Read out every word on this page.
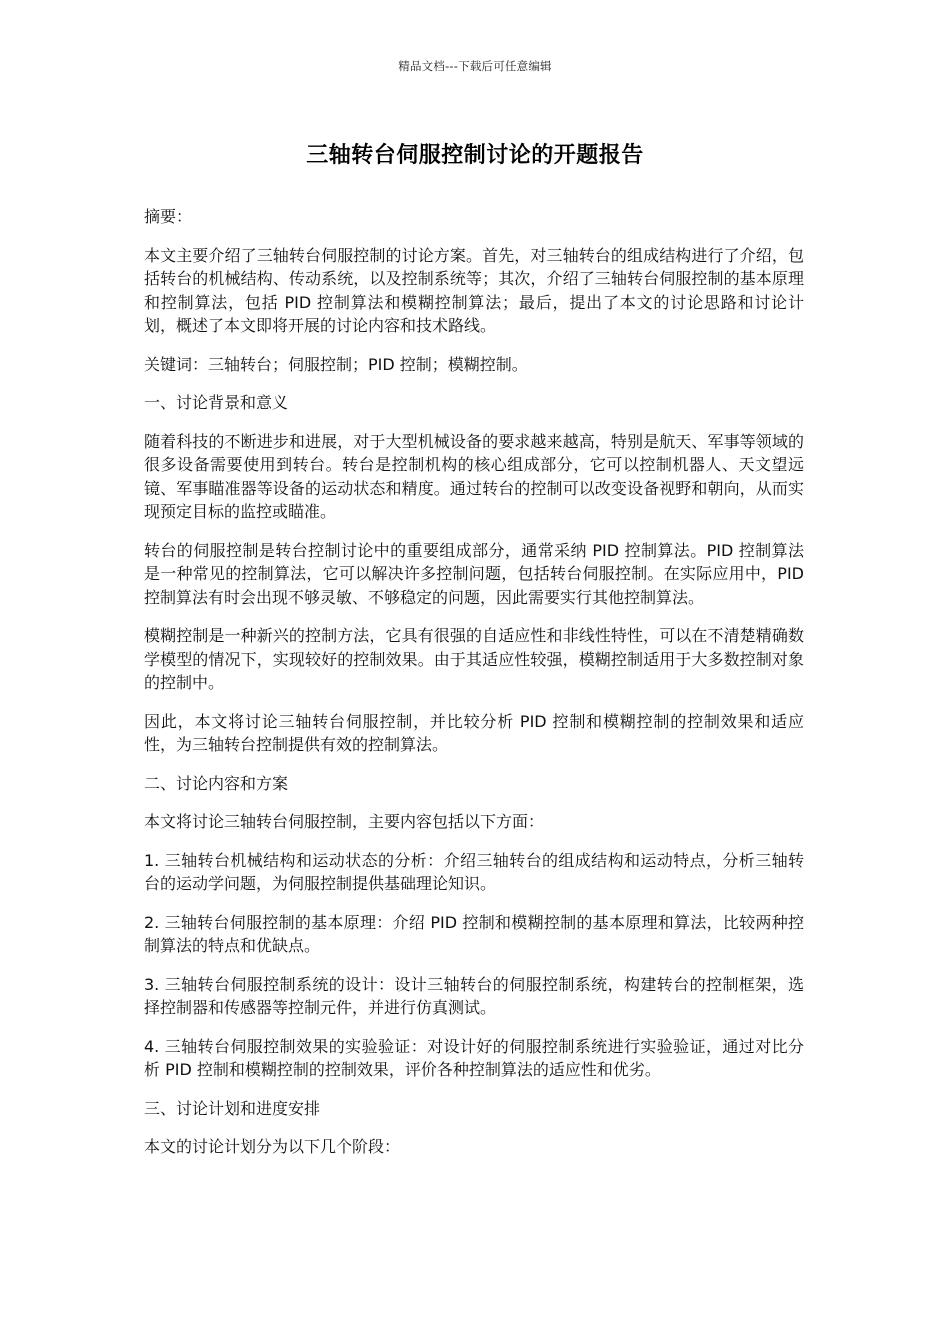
精品文档---下载后可任意编辑
三轴转台伺服控制讨论的开题报告

摘要：

本文主要介绍了三轴转台伺服控制的讨论方案。首先，对三轴转台的组成结构进行了介绍，包括转台的机械结构、传动系统，以及控制系统等；其次，介绍了三轴转台伺服控制的基本原理和控制算法，包括 PID 控制算法和模糊控制算法；最后，提出了本文的讨论思路和讨论计划，概述了本文即将开展的讨论内容和技术路线。

关键词：三轴转台；伺服控制；PID 控制；模糊控制。

一、讨论背景和意义

随着科技的不断进步和进展，对于大型机械设备的要求越来越高，特别是航天、军事等领域的很多设备需要使用到转台。转台是控制机构的核心组成部分，它可以控制机器人、天文望远镜、军事瞄准器等设备的运动状态和精度。通过转台的控制可以改变设备视野和朝向，从而实现预定目标的监控或瞄准。

转台的伺服控制是转台控制讨论中的重要组成部分，通常采纳 PID 控制算法。PID 控制算法是一种常见的控制算法，它可以解决许多控制问题，包括转台伺服控制。在实际应用中，PID 控制算法有时会出现不够灵敏、不够稳定的问题，因此需要实行其他控制算法。

模糊控制是一种新兴的控制方法，它具有很强的自适应性和非线性特性，可以在不清楚精确数学模型的情况下，实现较好的控制效果。由于其适应性较强，模糊控制适用于大多数控制对象的控制中。

因此，本文将讨论三轴转台伺服控制，并比较分析 PID 控制和模糊控制的控制效果和适应性，为三轴转台控制提供有效的控制算法。

二、讨论内容和方案

本文将讨论三轴转台伺服控制，主要内容包括以下方面：

1. 三轴转台机械结构和运动状态的分析：介绍三轴转台的组成结构和运动特点，分析三轴转台的运动学问题，为伺服控制提供基础理论知识。

2. 三轴转台伺服控制的基本原理：介绍 PID 控制和模糊控制的基本原理和算法，比较两种控制算法的特点和优缺点。

3. 三轴转台伺服控制系统的设计：设计三轴转台的伺服控制系统，构建转台的控制框架，选择控制器和传感器等控制元件，并进行仿真测试。

4. 三轴转台伺服控制效果的实验验证：对设计好的伺服控制系统进行实验验证，通过对比分析 PID 控制和模糊控制的控制效果，评价各种控制算法的适应性和优劣。

三、讨论计划和进度安排

本文的讨论计划分为以下几个阶段：
